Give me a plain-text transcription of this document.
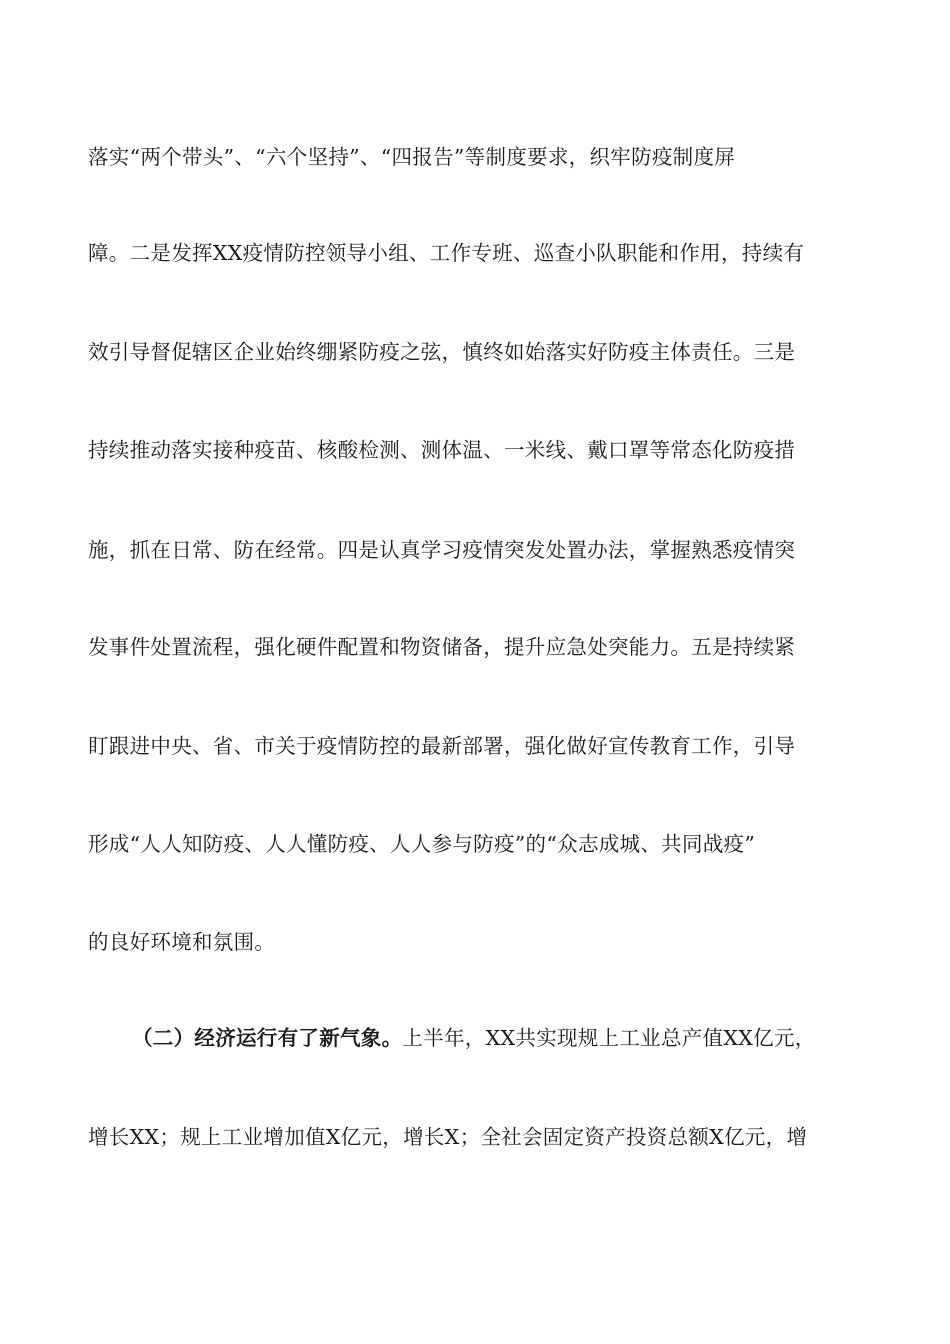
落实“两个带头”、“六个坚持”、“四报告”等制度要求，织牢防疫制度屏
障。二是发挥XX疫情防控领导小组、工作专班、巡查小队职能和作用，持续有
效引导督促辖区企业始终绷紧防疫之弦，慎终如始落实好防疫主体责任。三是
持续推动落实接种疫苗、核酸检测、测体温、一米线、戴口罩等常态化防疫措
施，抓在日常、防在经常。四是认真学习疫情突发处置办法，掌握熟悉疫情突
发事件处置流程，强化硬件配置和物资储备，提升应急处突能力。五是持续紧
盯跟进中央、省、市关于疫情防控的最新部署，强化做好宣传教育工作，引导
形成“人人知防疫、人人懂防疫、人人参与防疫”的“众志成城、共同战疫”
的良好环境和氛围。
（二）经济运行有了新气象。上半年，XX共实现规上工业总产值XX亿元，
增长XX；规上工业增加值X亿元，增长X；全社会固定资产投资总额X亿元，增
